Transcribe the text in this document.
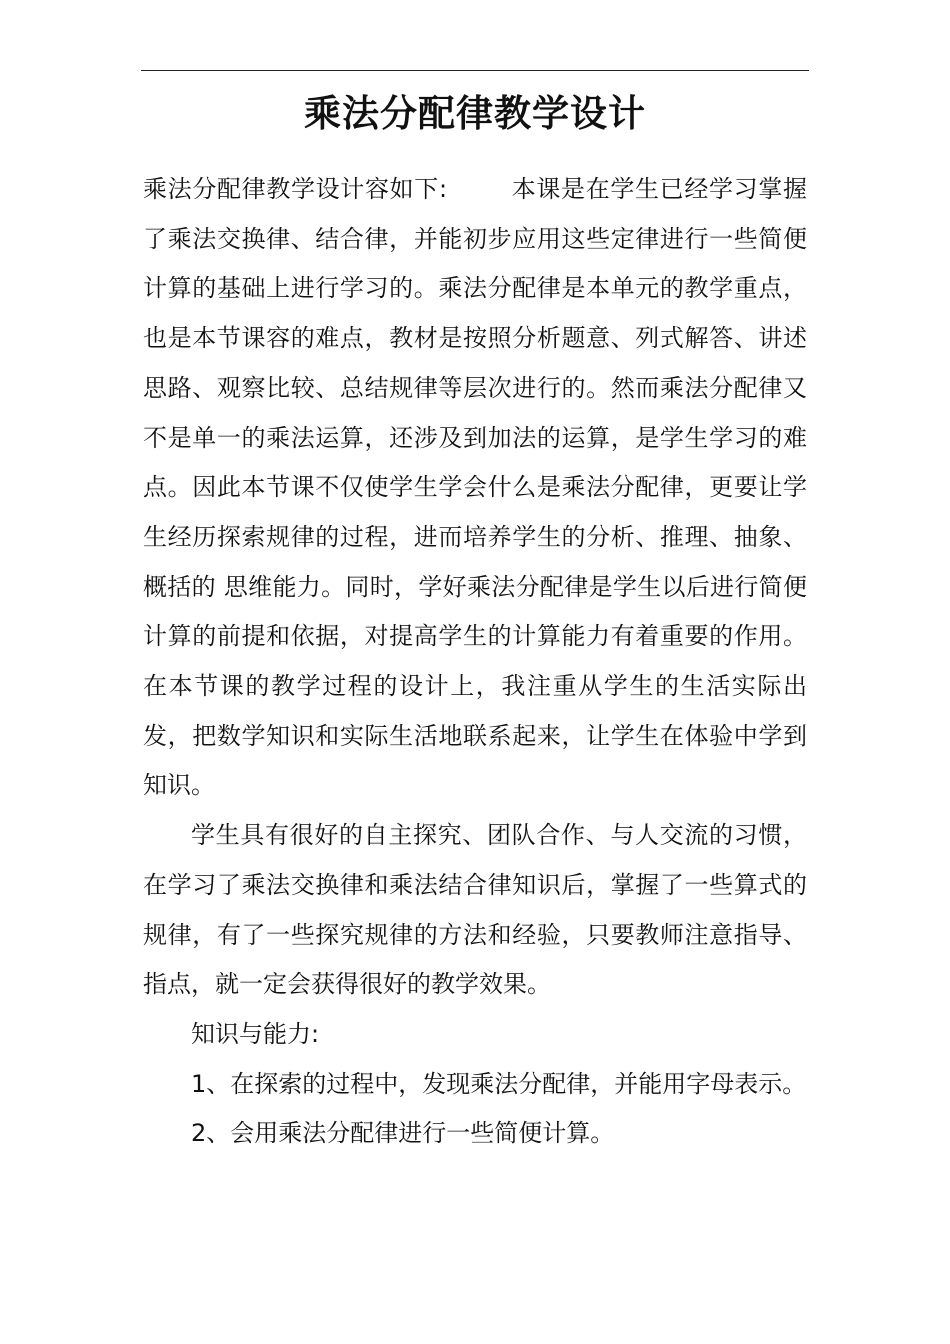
乘法分配律教学设计

乘法分配律教学设计容如下:	本课是在学生已经学习掌握了乘法交换律、结合律，并能初步应用这些定律进行一些简便计算的基础上进行学习的。乘法分配律是本单元的教学重点，也是本节课容的难点，教材是按照分析题意、列式解答、讲述思路、观察比较、总结规律等层次进行的。然而乘法分配律又不是单一的乘法运算，还涉及到加法的运算，是学生学习的难点。因此本节课不仅使学生学会什么是乘法分配律，更要让学生经历探索规律的过程，进而培养学生的分析、推理、抽象、概括的 思维能力。同时，学好乘法分配律是学生以后进行简便计算的前提和依据，对提高学生的计算能力有着重要的作用。在本节课的教学过程的设计上，我注重从学生的生活实际出发，把数学知识和实际生活地联系起来，让学生在体验中学到知识。

学生具有很好的自主探究、团队合作、与人交流的习惯，在学习了乘法交换律和乘法结合律知识后，掌握了一些算式的规律，有了一些探究规律的方法和经验，只要教师注意指导、指点，就一定会获得很好的教学效果。

知识与能力:

1、在探索的过程中，发现乘法分配律，并能用字母表示。

2、会用乘法分配律进行一些简便计算。
